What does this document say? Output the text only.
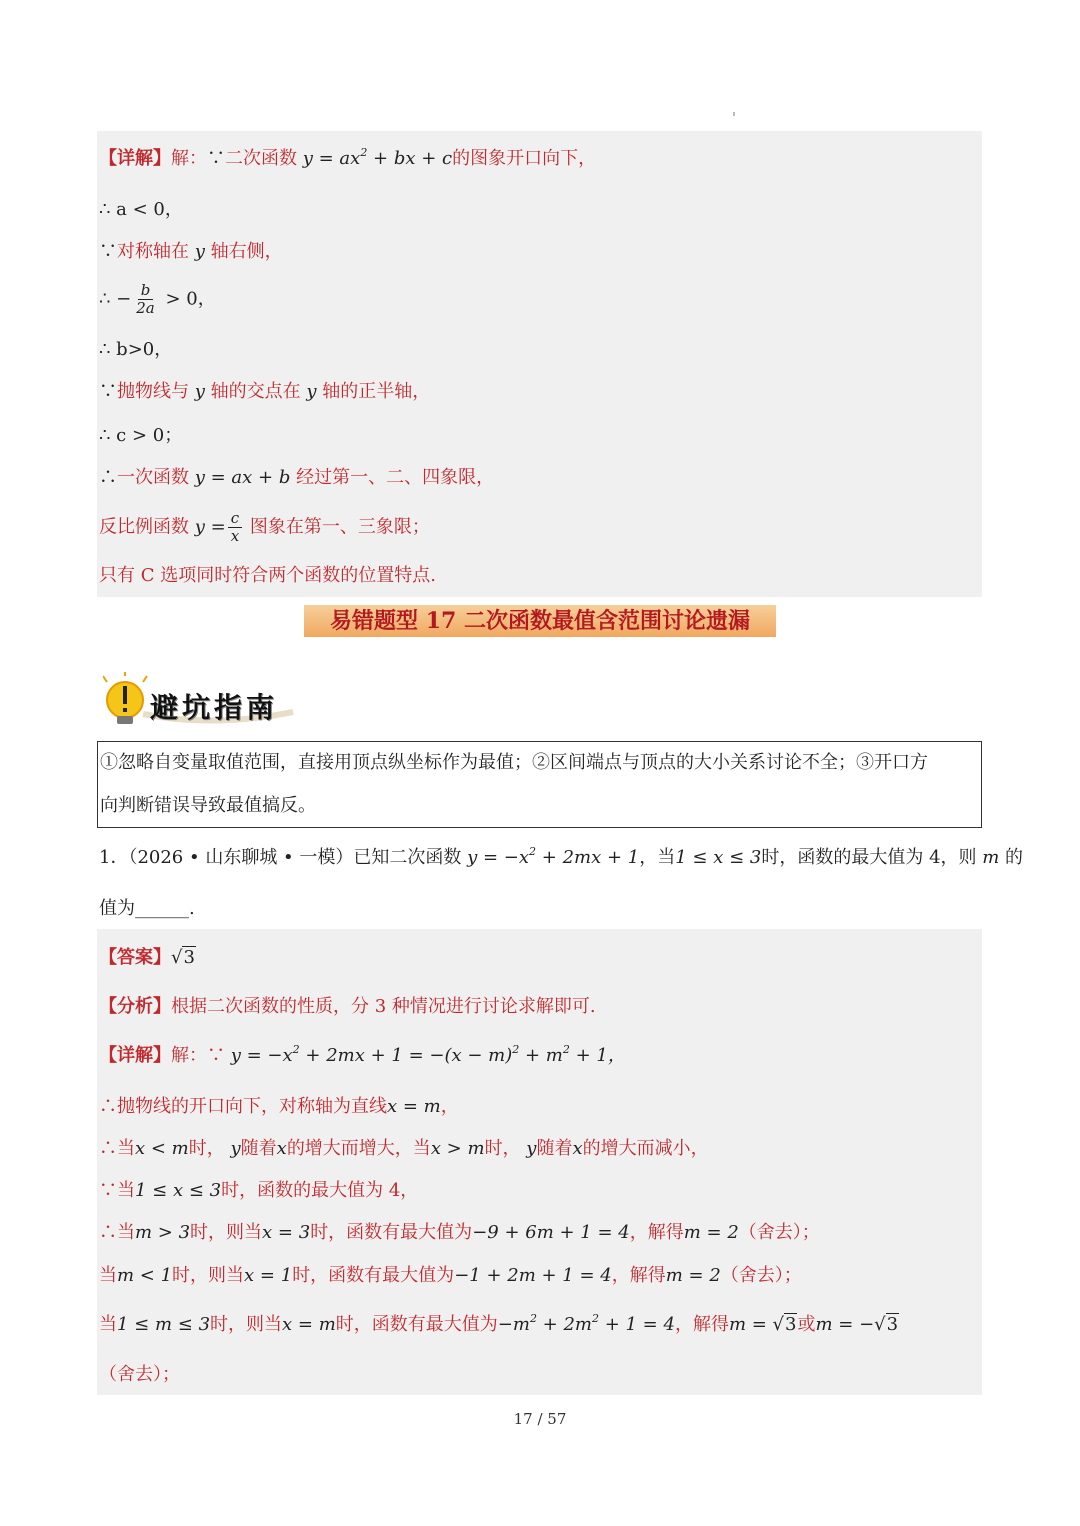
【详解】解：∵二次函数 $y = ax^2$ + bx + c的图象开口向下，
∴ a < 0，
∵对称轴在 y 轴右侧，
∴ − $\frac{b}{2a} > 0$，
∴ b>0，
∵抛物线与 y 轴的交点在 y 轴的正半轴，
∴ c > 0；
∴一次函数 y = ax + b 经过第一、二、四象限，
反比例函数 $y = \frac{c}{x}$ 图象在第一、三象限；
只有 C 选项同时符合两个函数的位置特点.
易错题型 17 二次函数最值含范围讨论遗漏
避坑指南
①忽略自变量取值范围，直接用顶点纵坐标作为最值；②区间端点与顶点的大小关系讨论不全；③开口方
向判断错误导致最值搞反。
1．（2026 • 山东聊城 • 一模）已知二次函数 $y = -x^2 + 2mx + 1$，当1 ≤ x ≤ 3时，函数的最大值为 4，则 m 的
值为______.
【答案】√3
【分析】根据二次函数的性质，分 3 种情况进行讨论求解即可.
【详解】解：∵ $y = -x^2 + 2mx + 1 = -(x - m)^2 + m^2 + 1$，
∴抛物线的开口向下，对称轴为直线x = m，
∴当x < m时， y随着x的增大而增大，当x > m时， y随着x的增大而减小，
∵当1 ≤ x ≤ 3时，函数的最大值为 4，
∴当m > 3时，则当x = 3时，函数有最大值为−9 + 6m + 1 = 4，解得m = 2（舍去）；
当m < 1时，则当x = 1时，函数有最大值为−1 + 2m + 1 = 4，解得m = 2（舍去）；
当1 ≤ m ≤ 3时，则当x = m时，函数有最大值为$-m^2 + 2m^2 + 1 = 4$，解得m = √3或m = −√3
（舍去）；
17 / 57
